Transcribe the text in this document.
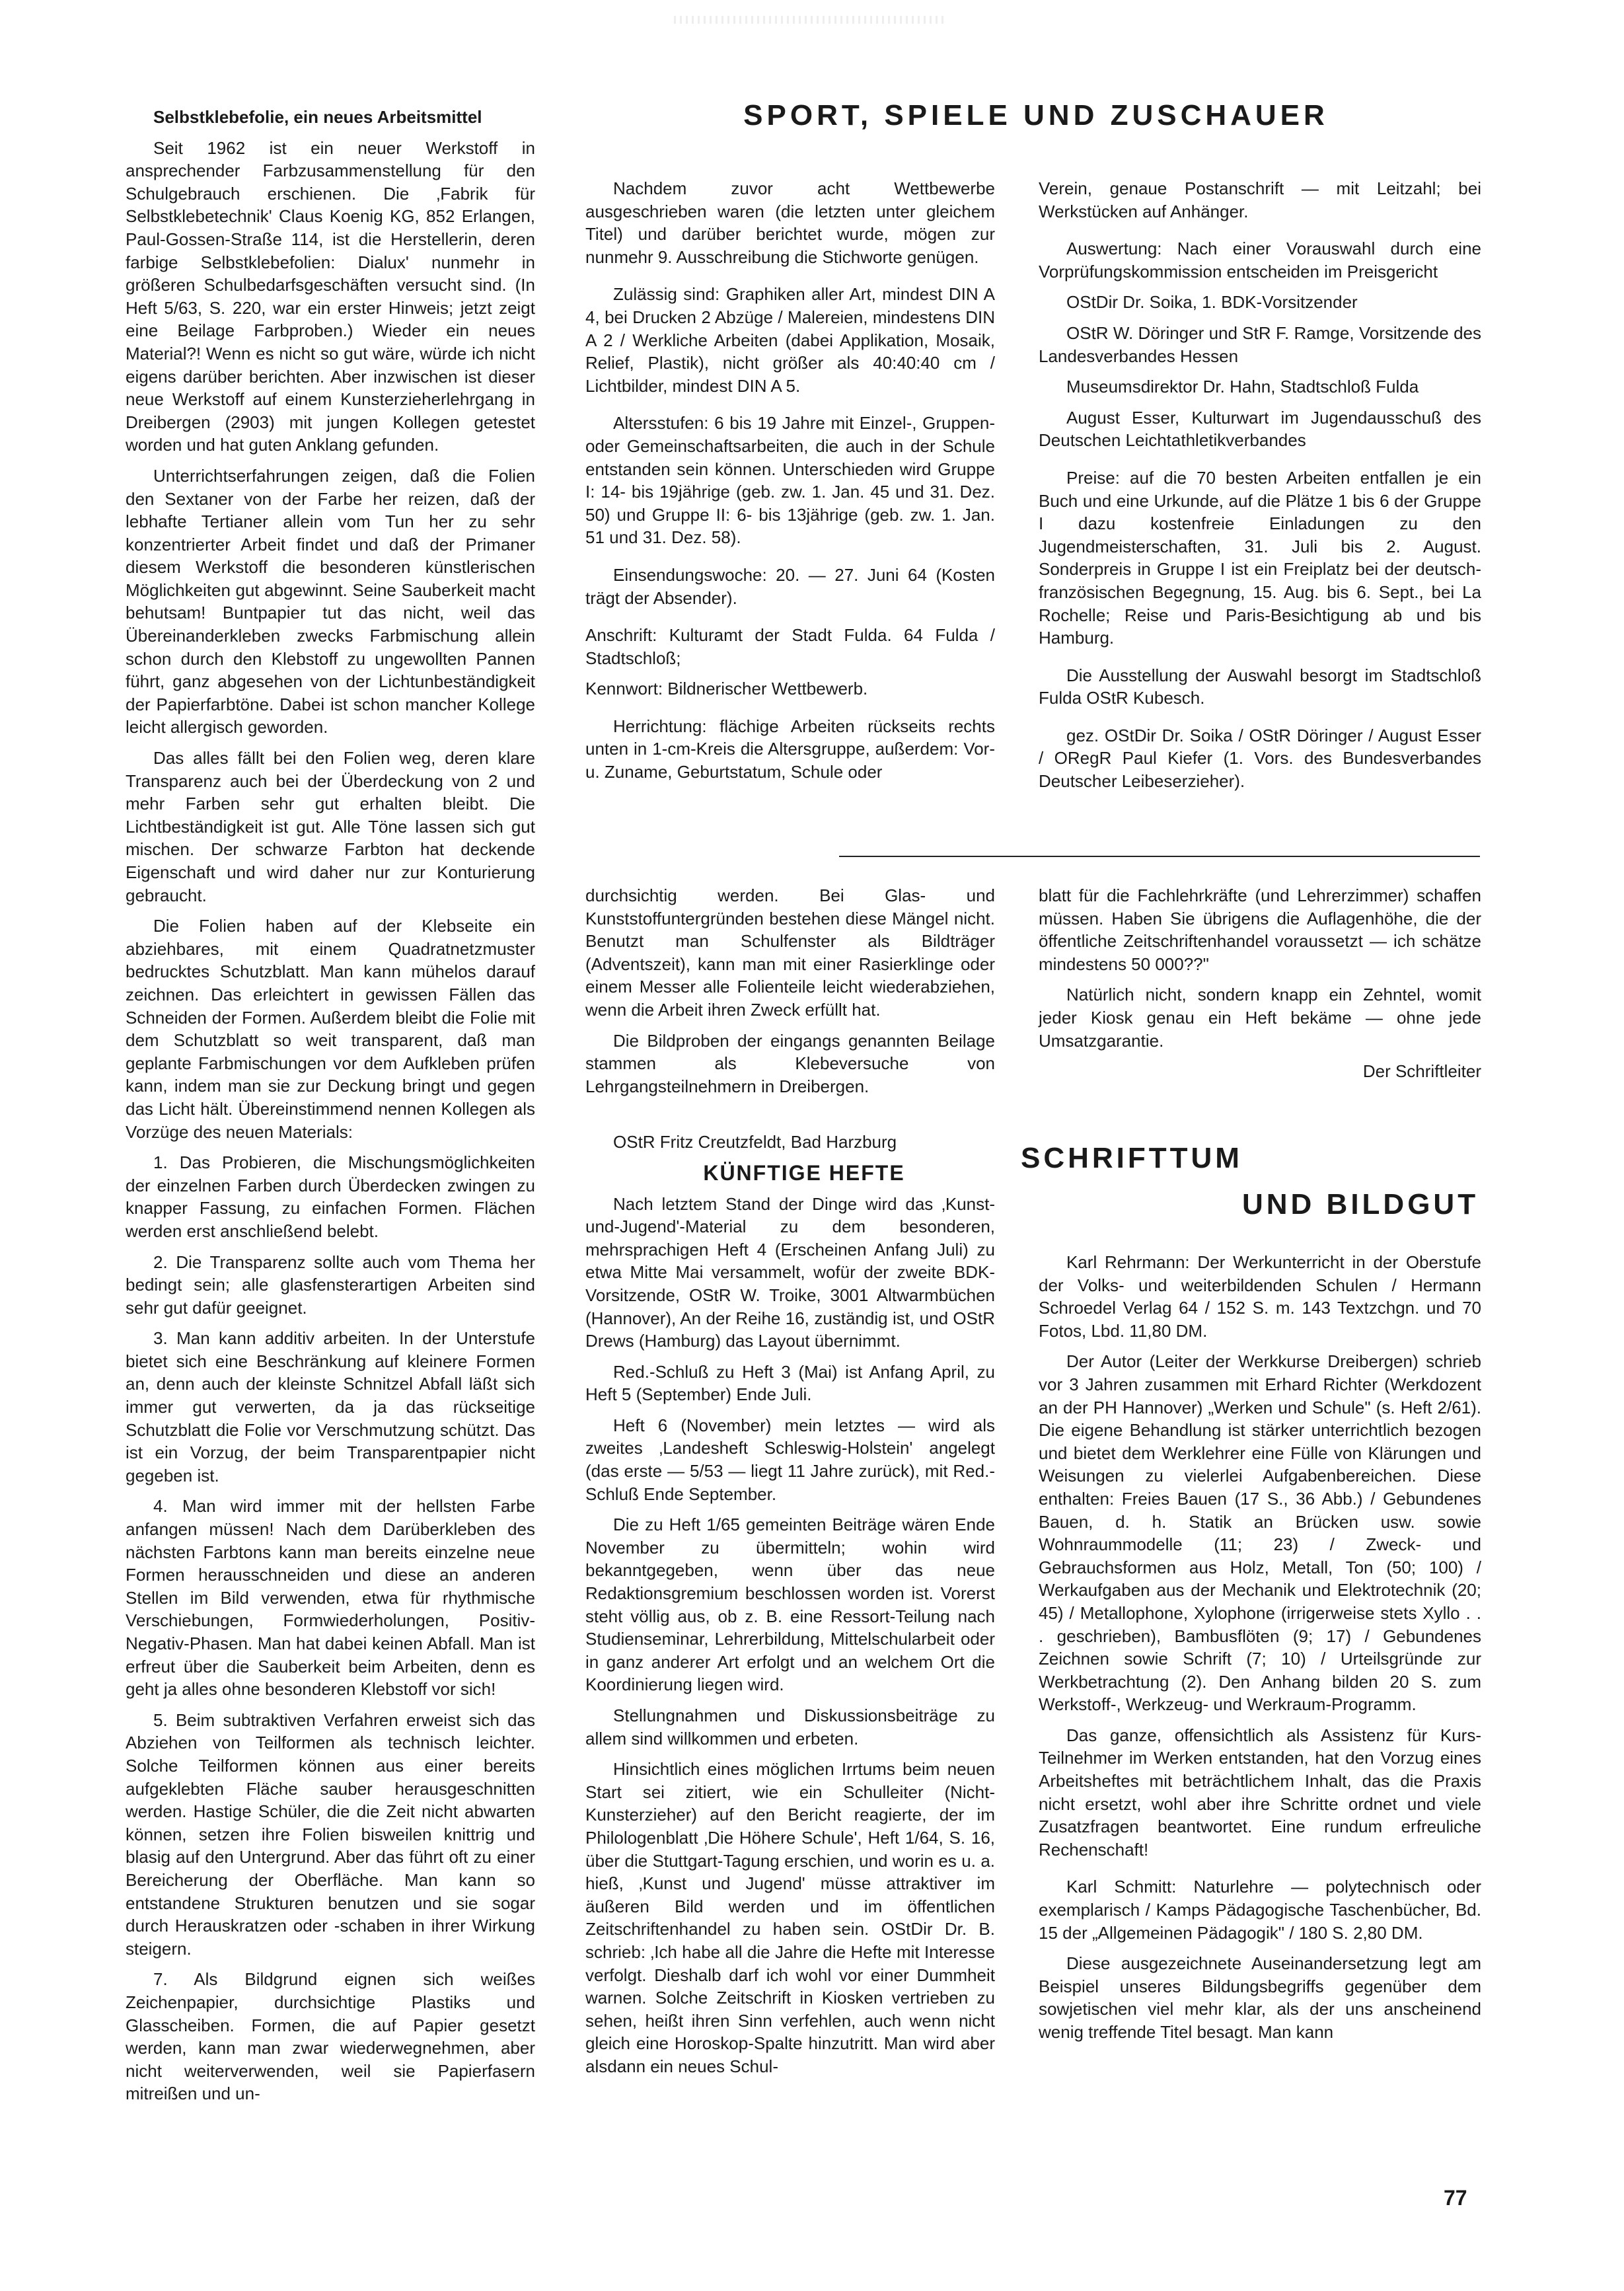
SPORT, SPIELE UND ZUSCHAUER

Selbstklebefolie, ein neues Arbeitsmittel

Seit 1962 ist ein neuer Werkstoff in ansprechender Farbzusammenstellung für den Schulgebrauch erschienen. Die ‚Fabrik für Selbstklebetechnik' Claus Koenig KG, 852 Erlangen, Paul-Gossen-Straße 114, ist die Herstellerin, deren farbige Selbstklebefolien: Dialux' nunmehr in größeren Schulbedarfsgeschäften versucht sind. (In Heft 5/63, S. 220, war ein erster Hinweis; jetzt zeigt eine Beilage Farbproben.) Wieder ein neues Material?! Wenn es nicht so gut wäre, würde ich nicht eigens darüber berichten. Aber inzwischen ist dieser neue Werkstoff auf einem Kunsterzieherlehrgang in Dreibergen (2903) mit jungen Kollegen getestet worden und hat guten Anklang gefunden.

Unterrichtserfahrungen zeigen, daß die Folien den Sextaner von der Farbe her reizen, daß der lebhafte Tertianer allein vom Tun her zu sehr konzentrierter Arbeit findet und daß der Primaner diesem Werkstoff die besonderen künstlerischen Möglichkeiten gut abgewinnt. Seine Sauberkeit macht behutsam! Buntpapier tut das nicht, weil das Übereinanderkleben zwecks Farbmischung allein schon durch den Klebstoff zu ungewollten Pannen führt, ganz abgesehen von der Lichtunbeständigkeit der Papierfarbtöne. Dabei ist schon mancher Kollege leicht allergisch geworden.

Das alles fällt bei den Folien weg, deren klare Transparenz auch bei der Überdeckung von 2 und mehr Farben sehr gut erhalten bleibt. Die Lichtbeständigkeit ist gut. Alle Töne lassen sich gut mischen. Der schwarze Farbton hat deckende Eigenschaft und wird daher nur zur Konturierung gebraucht.

Die Folien haben auf der Klebseite ein abziehbares, mit einem Quadratnetzmuster bedrucktes Schutzblatt. Man kann mühelos darauf zeichnen. Das erleichtert in gewissen Fällen das Schneiden der Formen. Außerdem bleibt die Folie mit dem Schutzblatt so weit transparent, daß man geplante Farbmischungen vor dem Aufkleben prüfen kann, indem man sie zur Deckung bringt und gegen das Licht hält. Übereinstimmend nennen Kollegen als Vorzüge des neuen Materials:

1. Das Probieren, die Mischungsmöglichkeiten der einzelnen Farben durch Überdecken zwingen zu knapper Fassung, zu einfachen Formen. Flächen werden erst anschließend belebt.

2. Die Transparenz sollte auch vom Thema her bedingt sein; alle glasfensterartigen Arbeiten sind sehr gut dafür geeignet.

3. Man kann additiv arbeiten. In der Unterstufe bietet sich eine Beschränkung auf kleinere Formen an, denn auch der kleinste Schnitzel Abfall läßt sich immer gut verwerten, da ja das rückseitige Schutzblatt die Folie vor Verschmutzung schützt. Das ist ein Vorzug, der beim Transparentpapier nicht gegeben ist.

4. Man wird immer mit der hellsten Farbe anfangen müssen! Nach dem Darüberkleben des nächsten Farbtons kann man bereits einzelne neue Formen herausschneiden und diese an anderen Stellen im Bild verwenden, etwa für rhythmische Verschiebungen, Formwiederholungen, Positiv-Negativ-Phasen. Man hat dabei keinen Abfall. Man ist erfreut über die Sauberkeit beim Arbeiten, denn es geht ja alles ohne besonderen Klebstoff vor sich!

5. Beim subtraktiven Verfahren erweist sich das Abziehen von Teilformen als technisch leichter. Solche Teilformen können aus einer bereits aufgeklebten Fläche sauber herausgeschnitten werden. Hastige Schüler, die die Zeit nicht abwarten können, setzen ihre Folien bisweilen knittrig und blasig auf den Untergrund. Aber das führt oft zu einer Bereicherung der Oberfläche. Man kann so entstandene Strukturen benutzen und sie sogar durch Herauskratzen oder -schaben in ihrer Wirkung steigern.

7. Als Bildgrund eignen sich weißes Zeichenpapier, durchsichtige Plastiks und Glasscheiben. Formen, die auf Papier gesetzt werden, kann man zwar wiederwegnehmen, aber nicht weiterverwenden, weil sie Papierfasern mitreißen und un-

Nachdem zuvor acht Wettbewerbe ausgeschrieben waren (die letzten unter gleichem Titel) und darüber berichtet wurde, mögen zur nunmehr 9. Ausschreibung die Stichworte genügen.

Zulässig sind: Graphiken aller Art, mindest DIN A 4, bei Drucken 2 Abzüge / Malereien, mindestens DIN A 2 / Werkliche Arbeiten (dabei Applikation, Mosaik, Relief, Plastik), nicht größer als 40:40:40 cm / Lichtbilder, mindest DIN A 5.

Altersstufen: 6 bis 19 Jahre mit Einzel-, Gruppen- oder Gemeinschaftsarbeiten, die auch in der Schule entstanden sein können. Unterschieden wird Gruppe I: 14- bis 19jährige (geb. zw. 1. Jan. 45 und 31. Dez. 50) und Gruppe II: 6- bis 13jährige (geb. zw. 1. Jan. 51 und 31. Dez. 58).

Einsendungswoche: 20. — 27. Juni 64 (Kosten trägt der Absender).

Anschrift: Kulturamt der Stadt Fulda. 64 Fulda / Stadtschloß;

Kennwort: Bildnerischer Wettbewerb.

Herrichtung: flächige Arbeiten rückseits rechts unten in 1-cm-Kreis die Altersgruppe, außerdem: Vor- u. Zuname, Geburtstatum, Schule oder

Verein, genaue Postanschrift — mit Leitzahl; bei Werkstücken auf Anhänger.

Auswertung: Nach einer Vorauswahl durch eine Vorprüfungskommission entscheiden im Preisgericht

OStDir Dr. Soika, 1. BDK-Vorsitzender

OStR W. Döringer und StR F. Ramge, Vorsitzende des Landesverbandes Hessen

Museumsdirektor Dr. Hahn, Stadtschloß Fulda

August Esser, Kulturwart im Jugendausschuß des Deutschen Leichtathletikverbandes

Preise: auf die 70 besten Arbeiten entfallen je ein Buch und eine Urkunde, auf die Plätze 1 bis 6 der Gruppe I dazu kostenfreie Einladungen zu den Jugendmeisterschaften, 31. Juli bis 2. August. Sonderpreis in Gruppe I ist ein Freiplatz bei der deutsch-französischen Begegnung, 15. Aug. bis 6. Sept., bei La Rochelle; Reise und Paris-Besichtigung ab und bis Hamburg.

Die Ausstellung der Auswahl besorgt im Stadtschloß Fulda OStR Kubesch.

gez. OStDir Dr. Soika / OStR Döringer / August Esser / ORegR Paul Kiefer (1. Vors. des Bundesverbandes Deutscher Leibeserzieher).

durchsichtig werden. Bei Glas- und Kunststoffuntergründen bestehen diese Mängel nicht. Benutzt man Schulfenster als Bildträger (Adventszeit), kann man mit einer Rasierklinge oder einem Messer alle Folienteile leicht wiederabziehen, wenn die Arbeit ihren Zweck erfüllt hat.

Die Bildproben der eingangs genannten Beilage stammen als Klebeversuche von Lehrgangsteilnehmern in Dreibergen.

OStR Fritz Creutzfeldt, Bad Harzburg

KÜNFTIGE HEFTE

Nach letztem Stand der Dinge wird das ‚Kunst-und-Jugend'-Material zu dem besonderen, mehrsprachigen Heft 4 (Erscheinen Anfang Juli) zu etwa Mitte Mai versammelt, wofür der zweite BDK-Vorsitzende, OStR W. Troike, 3001 Altwarmbüchen (Hannover), An der Reihe 16, zuständig ist, und OStR Drews (Hamburg) das Layout übernimmt.

Red.-Schluß zu Heft 3 (Mai) ist Anfang April, zu Heft 5 (September) Ende Juli.

Heft 6 (November) mein letztes — wird als zweites ‚Landesheft Schleswig-Holstein' angelegt (das erste — 5/53 — liegt 11 Jahre zurück), mit Red.-Schluß Ende September.

Die zu Heft 1/65 gemeinten Beiträge wären Ende November zu übermitteln; wohin wird bekanntgegeben, wenn über das neue Redaktionsgremium beschlossen worden ist. Vorerst steht völlig aus, ob z. B. eine Ressort-Teilung nach Studienseminar, Lehrerbildung, Mittelschularbeit oder in ganz anderer Art erfolgt und an welchem Ort die Koordinierung liegen wird.

Stellungnahmen und Diskussionsbeiträge zu allem sind willkommen und erbeten.

Hinsichtlich eines möglichen Irrtums beim neuen Start sei zitiert, wie ein Schulleiter (Nicht-Kunsterzieher) auf den Bericht reagierte, der im Philologenblatt ‚Die Höhere Schule', Heft 1/64, S. 16, über die Stuttgart-Tagung erschien, und worin es u. a. hieß, ‚Kunst und Jugend' müsse attraktiver im äußeren Bild werden und im öffentlichen Zeitschriftenhandel zu haben sein. OStDir Dr. B. schrieb: ‚Ich habe all die Jahre die Hefte mit Interesse verfolgt. Dieshalb darf ich wohl vor einer Dummheit warnen. Solche Zeitschrift in Kiosken vertrieben zu sehen, heißt ihren Sinn verfehlen, auch wenn nicht gleich eine Horoskop-Spalte hinzutritt. Man wird aber alsdann ein neues Schul-

blatt für die Fachlehrkräfte (und Lehrerzimmer) schaffen müssen. Haben Sie übrigens die Auflagenhöhe, die der öffentliche Zeitschriftenhandel voraussetzt — ich schätze mindestens 50 000??"

Natürlich nicht, sondern knapp ein Zehntel, womit jeder Kiosk genau ein Heft bekäme — ohne jede Umsatzgarantie.

Der Schriftleiter

SCHRIFTTUM
UND BILDGUT

Karl Rehrmann: Der Werkunterricht in der Oberstufe der Volks- und weiterbildenden Schulen / Hermann Schroedel Verlag 64 / 152 S. m. 143 Textzchgn. und 70 Fotos, Lbd. 11,80 DM.

Der Autor (Leiter der Werkkurse Dreibergen) schrieb vor 3 Jahren zusammen mit Erhard Richter (Werkdozent an der PH Hannover) „Werken und Schule" (s. Heft 2/61). Die eigene Behandlung ist stärker unterrichtlich bezogen und bietet dem Werklehrer eine Fülle von Klärungen und Weisungen zu vielerlei Aufgabenbereichen. Diese enthalten: Freies Bauen (17 S., 36 Abb.) / Gebundenes Bauen, d. h. Statik an Brücken usw. sowie Wohnraummodelle (11; 23) / Zweck- und Gebrauchsformen aus Holz, Metall, Ton (50; 100) / Werkaufgaben aus der Mechanik und Elektrotechnik (20; 45) / Metallophone, Xylophone (irrigerweise stets Xyllo . . . geschrieben), Bambusflöten (9; 17) / Gebundenes Zeichnen sowie Schrift (7; 10) / Urteilsgründe zur Werkbetrachtung (2). Den Anhang bilden 20 S. zum Werkstoff-, Werkzeug- und Werkraum-Programm.

Das ganze, offensichtlich als Assistenz für Kurs-Teilnehmer im Werken entstanden, hat den Vorzug eines Arbeitsheftes mit beträchtlichem Inhalt, das die Praxis nicht ersetzt, wohl aber ihre Schritte ordnet und viele Zusatzfragen beantwortet. Eine rundum erfreuliche Rechenschaft!

Karl Schmitt: Naturlehre — polytechnisch oder exemplarisch / Kamps Pädagogische Taschenbücher, Bd. 15 der „Allgemeinen Pädagogik" / 180 S. 2,80 DM.

Diese ausgezeichnete Auseinandersetzung legt am Beispiel unseres Bildungsbegriffs gegenüber dem sowjetischen viel mehr klar, als der uns anscheinend wenig treffende Titel besagt. Man kann

77
